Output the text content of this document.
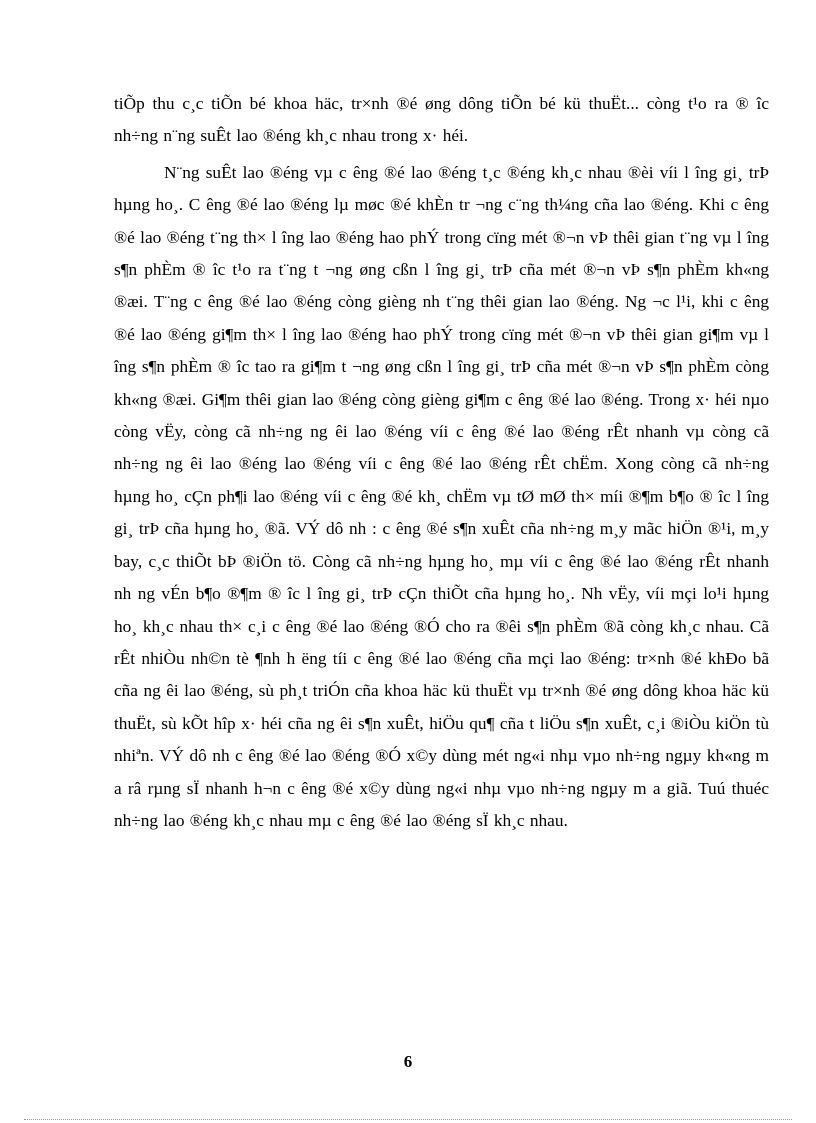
tiÕp thu c¸c tiÕn bé khoa häc, tr×nh ®é øng dông tiÕn bé kü thuËt... còng t¹o ra ® îc nh÷ng n¨ng suÊt lao ®éng kh¸c nhau trong x· héi.

N¨ng suÊt lao ®éng vµ c êng ®é lao ®éng t¸c ®éng kh¸c nhau ®èi víi l îng gi¸ trÞ hµng ho¸. C êng ®é lao ®éng lµ møc ®é khÈn tr ¬ng c¨ng th¼ng cña lao ®éng. Khi c êng ®é lao ®éng t¨ng th× l îng lao ®éng hao phÝ trong cïng mét ®¬n vÞ thêi gian t¨ng vµ l îng s¶n phÈm ® îc t¹o ra t¨ng t ¬ng øng cßn l îng gi¸ trÞ cña mét ®¬n vÞ s¶n phÈm kh«ng ®æi. T¨ng c êng ®é lao ®éng còng gièng nh t¨ng thêi gian lao ®éng. Ng ¬c l¹i, khi c êng ®é lao ®éng gi¶m th× l îng lao ®éng hao phÝ trong cïng mét ®¬n vÞ thêi gian gi¶m vµ l îng s¶n phÈm ® îc tao ra gi¶m t ¬ng øng cßn l îng gi¸ trÞ cña mét ®¬n vÞ s¶n phÈm còng kh«ng ®æi. Gi¶m thêi gian lao ®éng còng gièng gi¶m c êng ®é lao ®éng. Trong x· héi nµo còng vËy, còng cã nh÷ng ng êi lao ®éng víi c êng ®é lao ®éng rÊt nhanh vµ còng cã nh÷ng ng êi lao ®éng lao ®éng víi c êng ®é lao ®éng rÊt chËm. Xong còng cã nh÷ng hµng ho¸ cÇn ph¶i lao ®éng víi c êng ®é kh¸ chËm vµ tØ mØ th× míi ®¶m b¶o ® îc l îng gi¸ trÞ cña hµng ho¸ ®ã. VÝ dô nh : c êng ®é s¶n xuÊt cña nh÷ng m¸y mãc hiÖn ®¹i, m¸y bay, c¸c thiÕt bÞ ®iÖn tö. Còng cã nh÷ng hµng ho¸ mµ víi c êng ®é lao ®éng rÊt nhanh nh ng vÉn b¶o ®¶m ® îc l îng gi¸ trÞ cÇn thiÕt cña hµng ho¸. Nh vËy, víi mçi lo¹i hµng ho¸ kh¸c nhau th× c¸i c êng ®é lao ®éng ®Ó cho ra ®êi s¶n phÈm ®ã còng kh¸c nhau. Cã rÊt nhiÒu nh©n tè ¶nh h ëng tíi c êng ®é lao ®éng cña mçi lao ®éng: tr×nh ®é khÐo bã cña ng êi lao ®éng, sù ph¸t triÓn cña khoa häc kü thuËt vµ tr×nh ®é øng dông khoa häc kü thuËt, sù kÕt hîp x· héi cña ng êi s¶n xuÊt, hiÖu qu¶ cña t liÖu s¶n xuÊt, c¸i ®iÒu kiÖn tù nhiªn. VÝ dô nh c êng ®é lao ®éng ®Ó x©y dùng mét ng«i nhµ vµo nh÷ng ngµy kh«ng m a râ rµng sÏ nhanh h¬n c êng ®é x©y dùng ng«i nhµ vµo nh÷ng ngµy m a giã. Tuú thuéc nh÷ng lao ®éng kh¸c nhau mµ c êng ®é lao ®éng sÏ kh¸c nhau.

6
